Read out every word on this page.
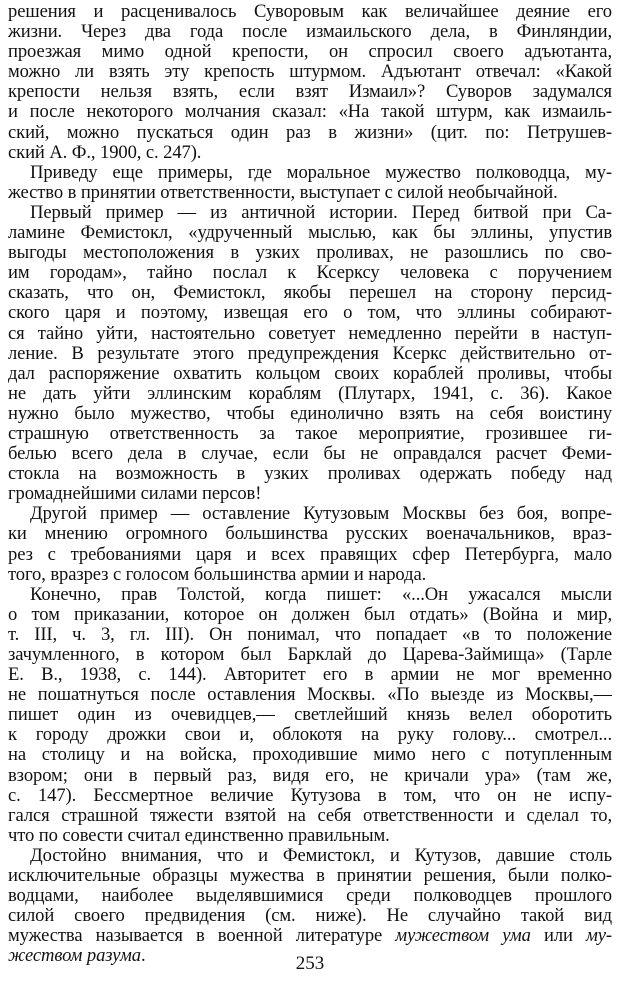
решения и расценивалось Суворовым как величайшее деяние его
жизни. Через два года после измаильского дела, в Финляндии,
проезжая мимо одной крепости, он спросил своего адъютанта,
можно ли взять эту крепость штурмом. Адъютант отвечал: «Какой
крепости нельзя взять, если взят Измаил»? Суворов задумался
и после некоторого молчания сказал: «На такой штурм, как измаиль-
ский, можно пускаться один раз в жизни» (цит. по: Петрушев-
ский А. Ф., 1900, с. 247).
Приведу еще примеры, где моральное мужество полководца, му-
жество в принятии ответственности, выступает с силой необычайной.
Первый пример — из античной истории. Перед битвой при Са-
ламине Фемистокл, «удрученный мыслью, как бы эллины, упустив
выгоды местоположения в узких проливах, не разошлись по сво-
им городам», тайно послал к Ксерксу человека с поручением
сказать, что он, Фемистокл, якобы перешел на сторону персид-
ского царя и поэтому, извещая его о том, что эллины собирают-
ся тайно уйти, настоятельно советует немедленно перейти в наступ-
ление. В результате этого предупреждения Ксеркс действительно от-
дал распоряжение охватить кольцом своих кораблей проливы, чтобы
не дать уйти эллинским кораблям (Плутарх, 1941, с. 36). Какое
нужно было мужество, чтобы единолично взять на себя воистину
страшную ответственность за такое мероприятие, грозившее ги-
белью всего дела в случае, если бы не оправдался расчет Феми-
стокла на возможность в узких проливах одержать победу над
громаднейшими силами персов!
Другой пример — оставление Кутузовым Москвы без боя, вопре-
ки мнению огромного большинства русских военачальников, враз-
рез с требованиями царя и всех правящих сфер Петербурга, мало
того, вразрез с голосом большинства армии и народа.
Конечно, прав Толстой, когда пишет: «...Он ужасался мысли
о том приказании, которое он должен был отдать» (Война и мир,
т. III, ч. 3, гл. III). Он понимал, что попадает «в то положение
зачумленного, в котором был Барклай до Царева-Займища» (Тарле
Е. В., 1938, с. 144). Авторитет его в армии не мог временно
не пошатнуться после оставления Москвы. «По выезде из Москвы,—
пишет один из очевидцев,— светлейший князь велел оборотить
к городу дрожки свои и, облокотя на руку голову... смотрел...
на столицу и на войска, проходившие мимо него с потупленным
взором; они в первый раз, видя его, не кричали ура» (там же,
с. 147). Бессмертное величие Кутузова в том, что он не испу-
гался страшной тяжести взятой на себя ответственности и сделал то,
что по совести считал единственно правильным.
Достойно внимания, что и Фемистокл, и Кутузов, давшие столь
исключительные образцы мужества в принятии решения, были полко-
водцами, наиболее выделявшимися среди полководцев прошлого
силой своего предвидения (см. ниже). Не случайно такой вид
мужества называется в военной литературе мужеством ума или му-
жеством разума.	253
